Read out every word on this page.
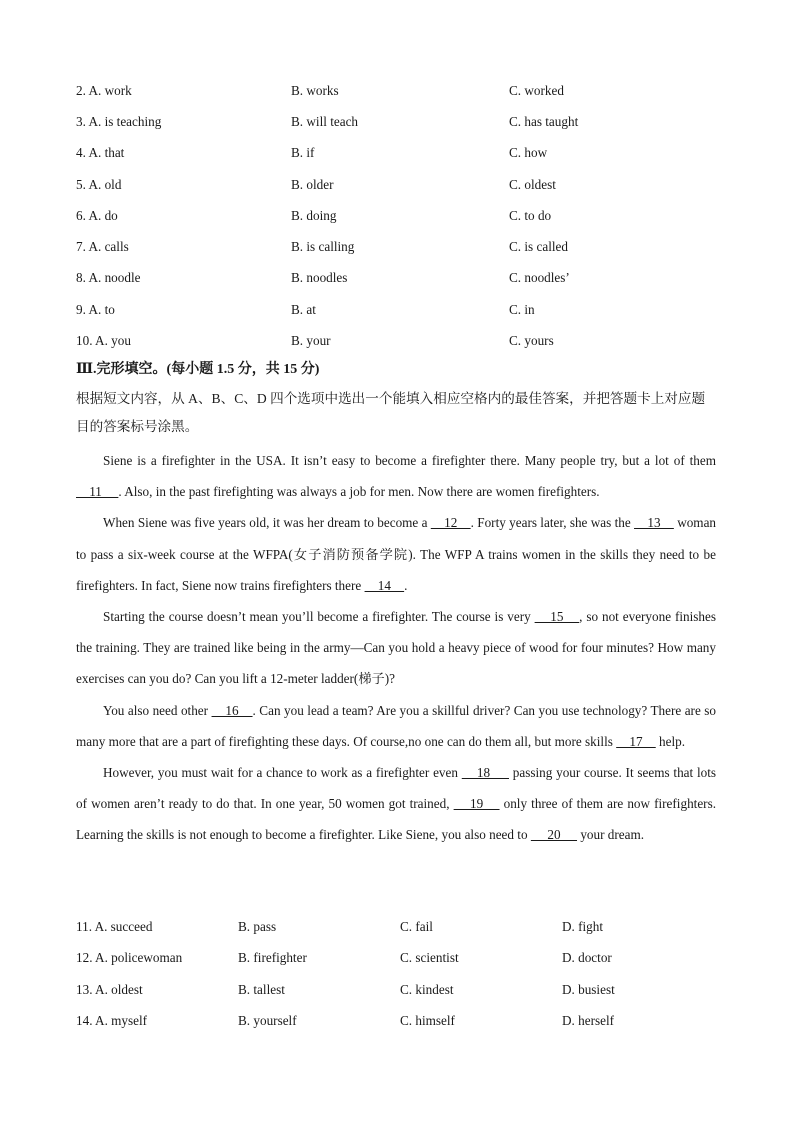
2. A. work	B. works	C. worked
3. A. is teaching	B. will teach	C. has taught
4. A. that	B. if	C. how
5. A. old	B. older	C. oldest
6. A. do	B. doing	C. to do
7. A. calls	B. is calling	C. is called
8. A. noodle	B. noodles	C. noodles’
9. A. to	B. at	C. in
10. A. you	B. your	C. yours
Ⅲ.完形填空。(每小题 1.5 分，共 15 分)
根据短文内容，从 A、B、C、D 四个选项中选出一个能填入相应空格内的最佳答案，并把答题卡上对应题目的答案标号涂黑。

Siene is a firefighter in the USA. It isn’t easy to become a firefighter there. Many people try, but a lot of them     11     . Also, in the past firefighting was always a job for men. Now there are women firefighters.

When Siene was five years old, it was her dream to become a     12    . Forty years later, she was the     13     woman to pass a six-week course at the WFPA(女子消防预备学院). The WFP A trains women in the skills they need to be firefighters. In fact, Siene now trains firefighters there     14    .

Starting the course doesn’t mean you’ll become a firefighter. The course is very     15    , so not everyone finishes the training. They are trained like being in the army—Can you hold a heavy piece of wood for four minutes? How many exercises can you do? Can you lift a 12-meter ladder(梯子)?

You also need other     16    . Can you lead a team? Are you a skillful driver? Can you use technology? There are so many more that are a part of firefighting these days. Of course,no one can do them all, but more skills     17     help.

However, you must wait for a chance to work as a firefighter even     18      passing your course. It seems that lots of women aren’t ready to do that. In one year, 50 women got trained,     19     only three of them are now firefighters. Learning the skills is not enough to become a firefighter. Like Siene, you also need to      20      your dream.

11. A. succeed	B. pass	C. fail	D. fight
12. A. policewoman	B. firefighter	C. scientist	D. doctor
13. A. oldest	B. tallest	C. kindest	D. busiest
14. A. myself	B. yourself	C. himself	D. herself
